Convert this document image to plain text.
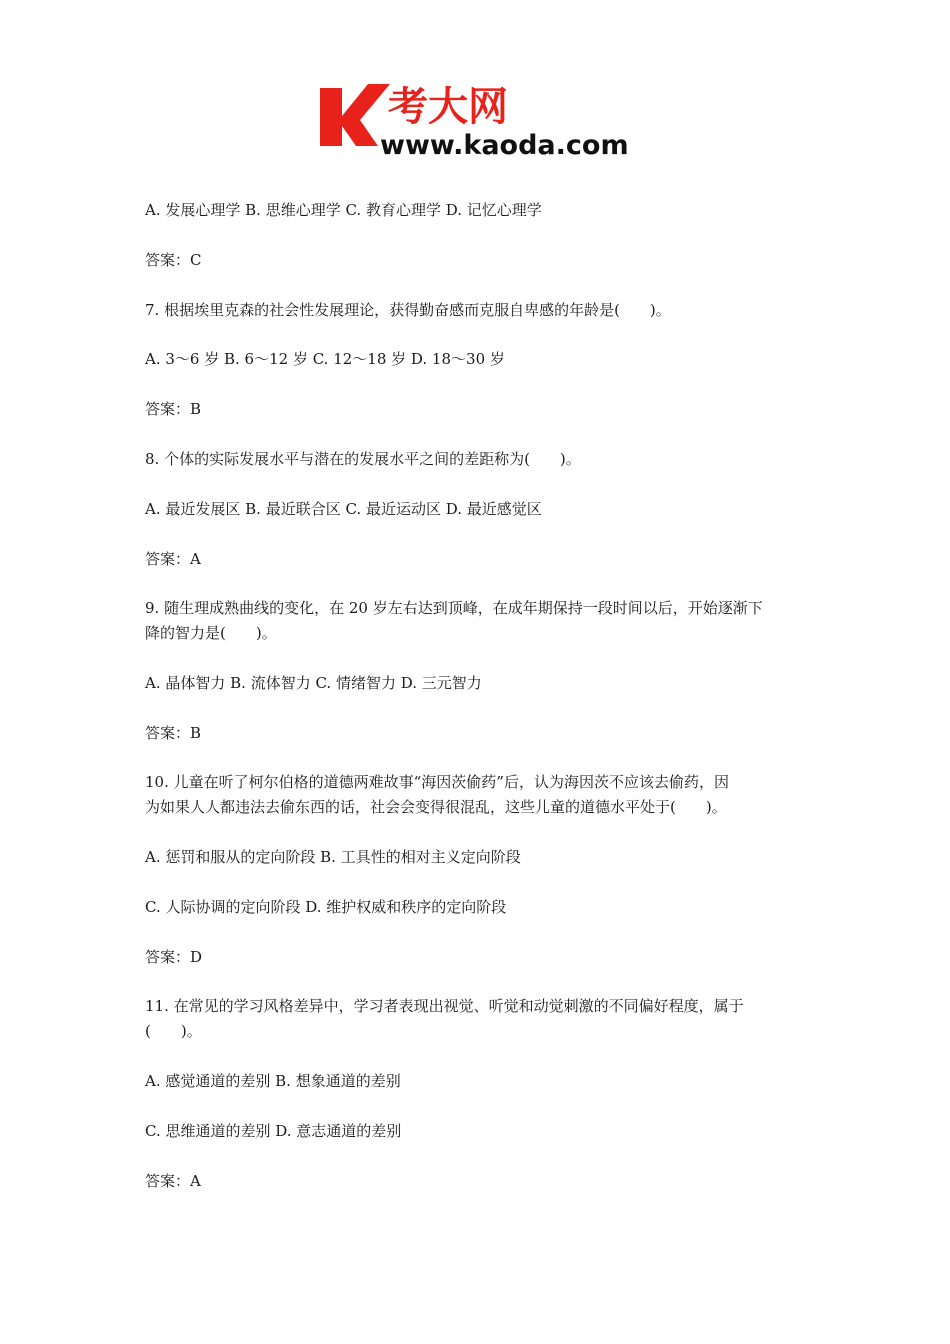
考大网
www.kaoda.com

A. 发展心理学 B. 思维心理学 C. 教育心理学 D. 记忆心理学

答案：C

7. 根据埃里克森的社会性发展理论，获得勤奋感而克服自卑感的年龄是(　　)。

A. 3～6 岁 B. 6～12 岁 C. 12～18 岁 D. 18～30 岁

答案：B

8. 个体的实际发展水平与潜在的发展水平之间的差距称为(　　)。

A. 最近发展区 B. 最近联合区 C. 最近运动区 D. 最近感觉区

答案：A

9. 随生理成熟曲线的变化，在 20 岁左右达到顶峰，在成年期保持一段时间以后，开始逐渐下

降的智力是(　　)。

A. 晶体智力 B. 流体智力 C. 情绪智力 D. 三元智力

答案：B

10. 儿童在听了柯尔伯格的道德两难故事“海因茨偷药”后，认为海因茨不应该去偷药，因

为如果人人都违法去偷东西的话，社会会变得很混乱，这些儿童的道德水平处于(　　)。

A. 惩罚和服从的定向阶段 B. 工具性的相对主义定向阶段

C. 人际协调的定向阶段 D. 维护权威和秩序的定向阶段

答案：D

11. 在常见的学习风格差异中，学习者表现出视觉、听觉和动觉刺激的不同偏好程度，属于

(　　)。

A. 感觉通道的差别 B. 想象通道的差别

C. 思维通道的差别 D. 意志通道的差别

答案：A
